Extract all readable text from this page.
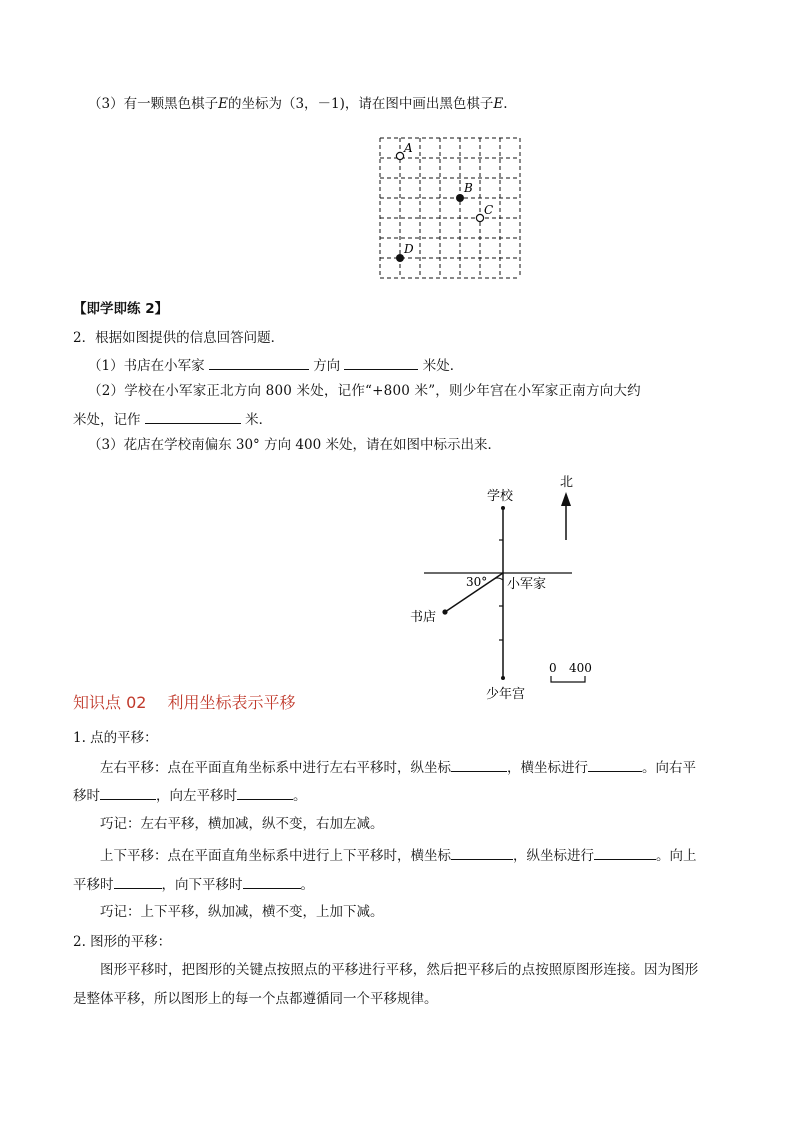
（3）有一颗黑色棋子E的坐标为（3，－1)，请在图中画出黑色棋子E.
A
B
C
D
【即学即练 2】
2．根据如图提供的信息回答问题．
（1）书店在小军家	方向	米处．
（2）学校在小军家正北方向 800 米处，记作“+800 米”，则少年宫在小军家正南方向大约
米处，记作	米．
（3）花店在学校南偏东 30° 方向 400 米处，请在如图中标示出来．
北
学校
30° 小军家
书店
少年宫
0 400
知识点 02　 利用坐标表示平移
1. 点的平移：
左右平移：点在平面直角坐标系中进行左右平移时，纵坐标	，横坐标进行	。向右平
移时	，向左平移时	。
巧记：左右平移，横加减，纵不变，右加左减。
上下平移：点在平面直角坐标系中进行上下平移时，横坐标	，纵坐标进行	。向上
平移时	，向下平移时	。
巧记：上下平移，纵加减，横不变，上加下减。
2. 图形的平移：
图形平移时，把图形的关键点按照点的平移进行平移，然后把平移后的点按照原图形连接。因为图形
是整体平移，所以图形上的每一个点都遵循同一个平移规律。
